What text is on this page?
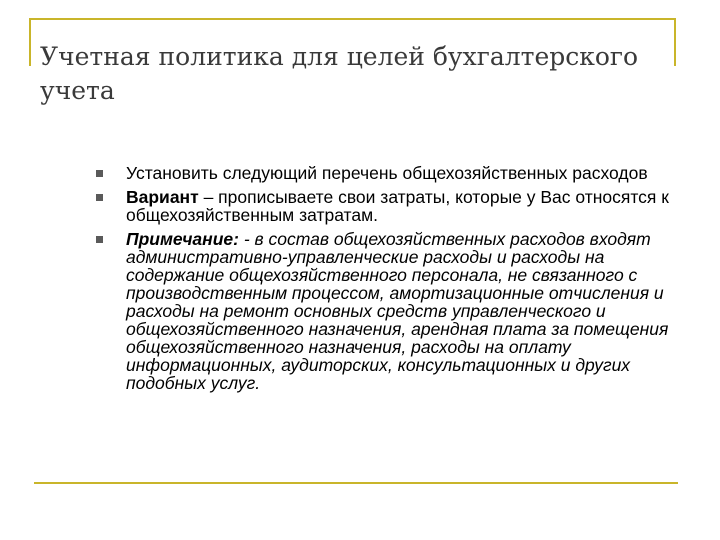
Учетная политика для целей бухгалтерского учета
Установить следующий перечень общехозяйственных расходов
Вариант – прописываете свои затраты, которые у Вас относятся к общехозяйственным затратам.
Примечание: - в состав общехозяйственных расходов входят административно-управленческие расходы и расходы на содержание общехозяйственного персонала, не связанного с производственным процессом, амортизационные отчисления и расходы на ремонт основных средств управленческого и общехозяйственного назначения, арендная плата за помещения общехозяйственного назначения, расходы на оплату информационных, аудиторских, консультационных и других подобных услуг.
